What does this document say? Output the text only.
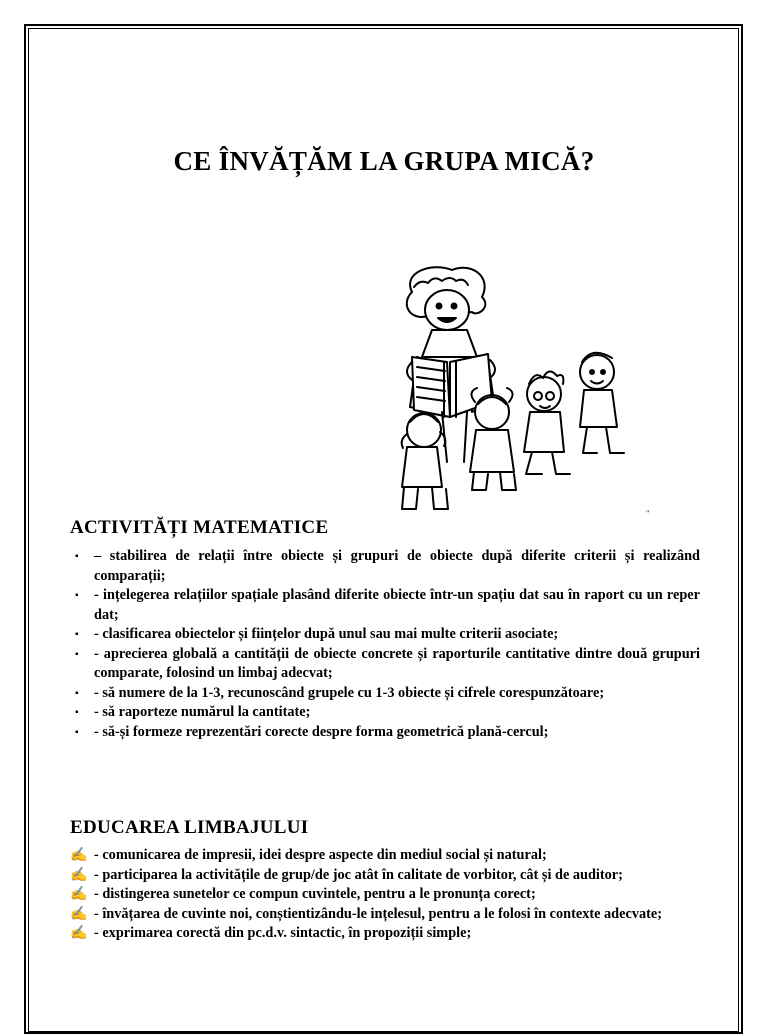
CE ÎNVĂȚĂM LA GRUPA MICĂ?
"
ACTIVITĂȚI MATEMATICE
▪ – stabilirea de relații între obiecte și grupuri de obiecte după diferite criterii și realizând comparații;
▪ - ințelegerea relațiilor spațiale plasând diferite obiecte într-un spațiu dat sau în raport cu un reper dat;
▪ - clasificarea obiectelor și ființelor după unul sau mai multe criterii asociate;
▪ - aprecierea globală a cantității de obiecte concrete și raporturile cantitative dintre două grupuri comparate, folosind un limbaj adecvat;
▪ - să numere de la 1-3, recunoscând grupele cu 1-3 obiecte și cifrele corespunzătoare;
▪ - să raporteze numărul la cantitate;
▪ - să-și formeze reprezentări corecte despre forma geometrică plană-cercul;
EDUCAREA LIMBAJULUI
✍ - comunicarea de impresii, idei despre aspecte din mediul social și natural;
✍ - participarea la activitățile de grup/de joc atât în calitate de vorbitor, cât și de auditor;
✍ - distingerea sunetelor ce compun cuvintele, pentru a le pronunța corect;
✍ - învățarea de cuvinte noi, conștientizându-le ințelesul, pentru a le folosi în contexte adecvate;
✍ - exprimarea corectă din pc.d.v. sintactic, în propoziții simple;
